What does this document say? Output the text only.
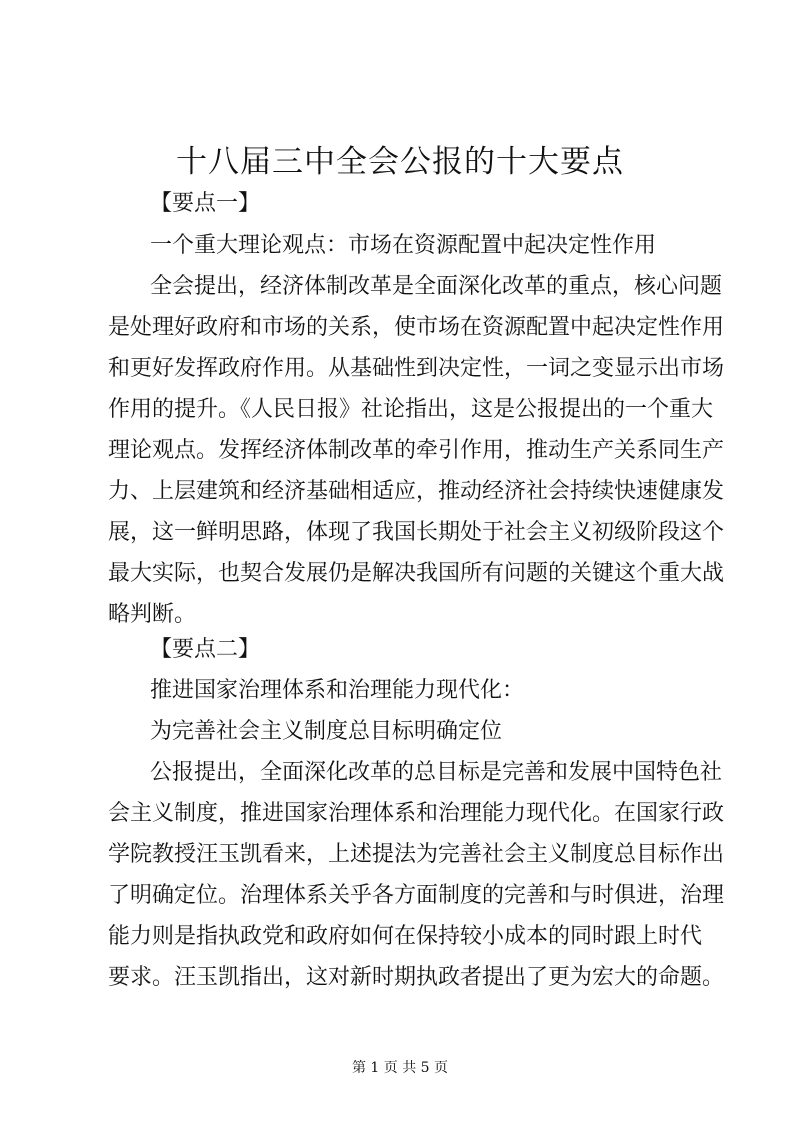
十八届三中全会公报的十大要点
【要点一】
一个重大理论观点：市场在资源配置中起决定性作用
全会提出，经济体制改革是全面深化改革的重点，核心问题
是处理好政府和市场的关系，使市场在资源配置中起决定性作用
和更好发挥政府作用。从基础性到决定性，一词之变显示出市场
作用的提升。《人民日报》社论指出，这是公报提出的一个重大
理论观点。发挥经济体制改革的牵引作用，推动生产关系同生产
力、上层建筑和经济基础相适应，推动经济社会持续快速健康发
展，这一鲜明思路，体现了我国长期处于社会主义初级阶段这个
最大实际，也契合发展仍是解决我国所有问题的关键这个重大战
略判断。
【要点二】
推进国家治理体系和治理能力现代化：
为完善社会主义制度总目标明确定位
公报提出，全面深化改革的总目标是完善和发展中国特色社
会主义制度，推进国家治理体系和治理能力现代化。在国家行政
学院教授汪玉凯看来，上述提法为完善社会主义制度总目标作出
了明确定位。治理体系关乎各方面制度的完善和与时俱进，治理
能力则是指执政党和政府如何在保持较小成本的同时跟上时代
要求。汪玉凯指出，这对新时期执政者提出了更为宏大的命题。
第 1 页 共 5 页
